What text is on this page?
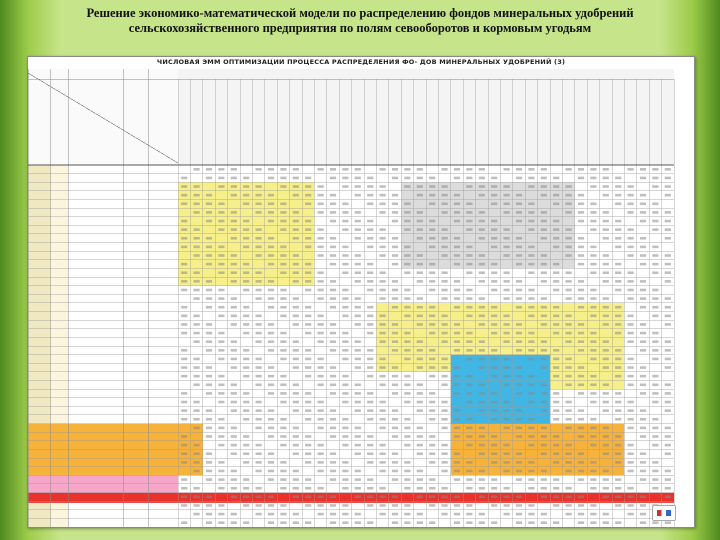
Решение экономико-математической модели по распределению фондов минеральных удобрений
сельскохозяйственного предприятия по полям севооборотов и кормовым угодьям
ЧИСЛОВАЯ ЭММ ОПТИМИЗАЦИИ ПРОЦЕССА РАСПРЕДЕЛЕНИЯ ФО- ДОВ МИНЕРАЛЬНЫХ УДОБРЕНИЙ (3)
